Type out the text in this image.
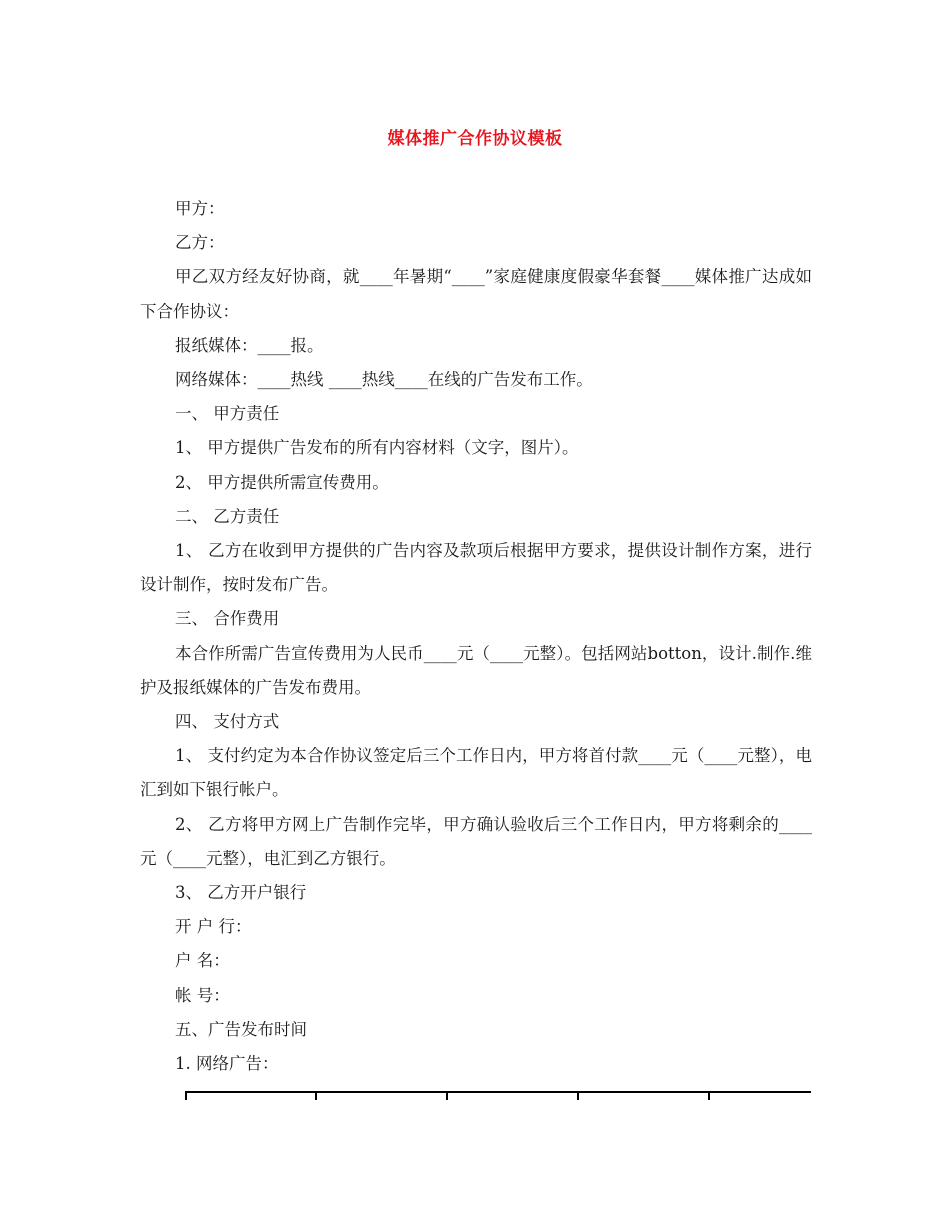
媒体推广合作协议模板

甲方：

乙方：

甲乙双方经友好协商，就____年暑期“____”家庭健康度假豪华套餐____媒体推广达成如下合作协议：

报纸媒体：____报。

网络媒体：____热线 ____热线____在线的广告发布工作。

一、 甲方责任

1、 甲方提供广告发布的所有内容材料（文字，图片）。

2、 甲方提供所需宣传费用。

二、 乙方责任

1、 乙方在收到甲方提供的广告内容及款项后根据甲方要求，提供设计制作方案，进行设计制作，按时发布广告。

三、 合作费用

本合作所需广告宣传费用为人民币____元（____元整）。包括网站botton，设计.制作.维护及报纸媒体的广告发布费用。

四、 支付方式

1、 支付约定为本合作协议签定后三个工作日内，甲方将首付款____元（____元整），电汇到如下银行帐户。

2、 乙方将甲方网上广告制作完毕，甲方确认验收后三个工作日内，甲方将剩余的____元（____元整），电汇到乙方银行。

3、 乙方开户银行

开 户 行：

户 名：

帐 号：

五、广告发布时间

1. 网络广告：
